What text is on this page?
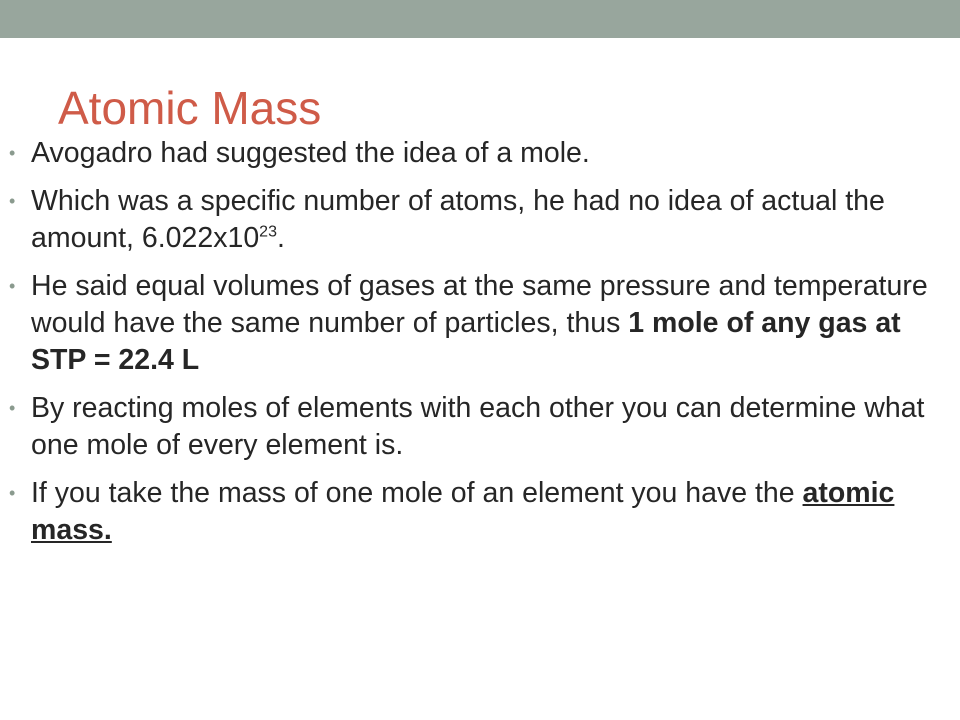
Atomic Mass
• Avogadro had suggested the idea of a mole.
• Which was a specific number of atoms, he had no idea of actual the amount, $6.022x10^{23}$.
• He said equal volumes of gases at the same pressure and temperature would have the same number of particles, thus 1 mole of any gas at STP = 22.4 L
• By reacting moles of elements with each other you can determine what one mole of every element is.
• If you take the mass of one mole of an element you have the atomic mass.
